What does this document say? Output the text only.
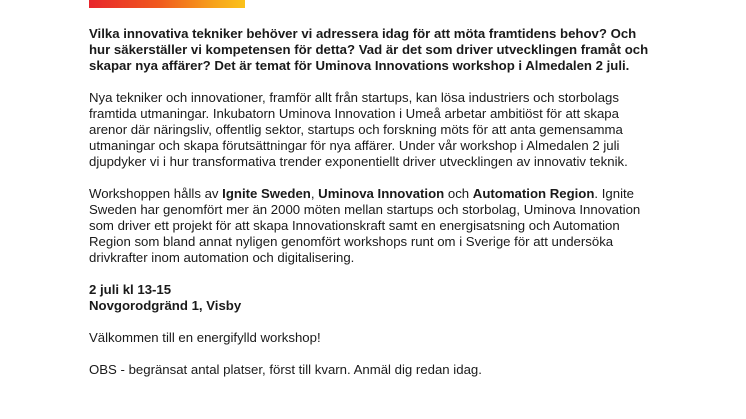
Vilka innovativa tekniker behöver vi adressera idag för att möta framtidens behov? Och hur säkerställer vi kompetensen för detta? Vad är det som driver utvecklingen framåt och skapar nya affärer? Det är temat för Uminova Innovations workshop i Almedalen 2 juli.

Nya tekniker och innovationer, framför allt från startups, kan lösa industriers och storbolags framtida utmaningar. Inkubatorn Uminova Innovation i Umeå arbetar ambitiöst för att skapa arenor där näringsliv, offentlig sektor, startups och forskning möts för att anta gemensamma utmaningar och skapa förutsättningar för nya affärer. Under vår workshop i Almedalen 2 juli djupdyker vi i hur transformativa trender exponentiellt driver utvecklingen av innovativ teknik.

Workshoppen hålls av Ignite Sweden, Uminova Innovation och Automation Region. Ignite Sweden har genomfört mer än 2000 möten mellan startups och storbolag, Uminova Innovation som driver ett projekt för att skapa Innovationskraft samt en energisatsning och Automation Region som bland annat nyligen genomfört workshops runt om i Sverige för att undersöka drivkrafter inom automation och digitalisering.

2 juli kl 13-15

Novgorodgränd 1, Visby

Välkommen till en energifylld workshop!

OBS - begränsat antal platser, först till kvarn. Anmäl dig redan idag.
